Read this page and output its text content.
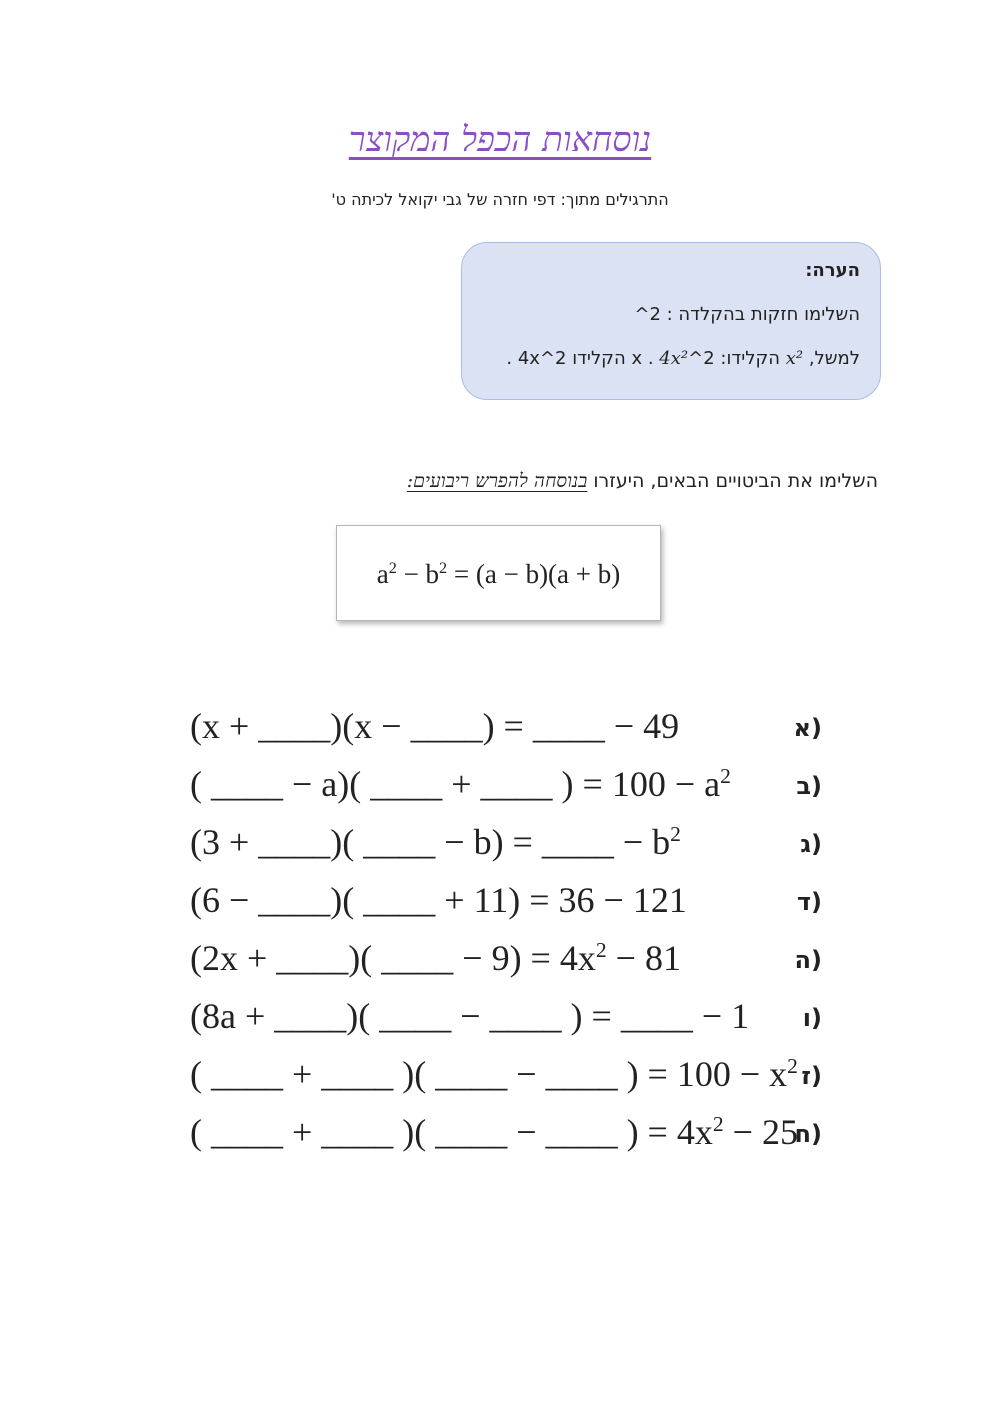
נוסחאות הכפל המקוצר
התרגילים מתוך: דפי חזרה של גבי יקואל לכיתה ט'
הערה:
השלימו חזקות בהקלדה : 2^
למשל, x² הקלידו: 2^x . 4x² הקלידו 2^4x .
השלימו את הביטויים הבאים, היעזרו בנוסחה להפרש ריבועים:
$a^2 - b^2 = (a - b)(a + b)$
(א
(x + ____)(x − ____) = ____ − 49
(ב
( ____ − a)( ____ + ____ ) = $100 - a^2$
(ג
(3 + ____)( ____ − b) = ____ − $b^2$
(ד
(6 − ____)( ____ + 11) = 36 − 121
(ה
(2x + ____)( ____ − $9) = 4x^2 - 81$
(ו
(8a + ____)( ____ − ____ ) = ____ − 1
(ז
( ____ + ____ )( ____ − ____ ) = $100 - x^2$
(ח
( ____ + ____ )( ____ − ____ ) = $4x^2 - 25$
